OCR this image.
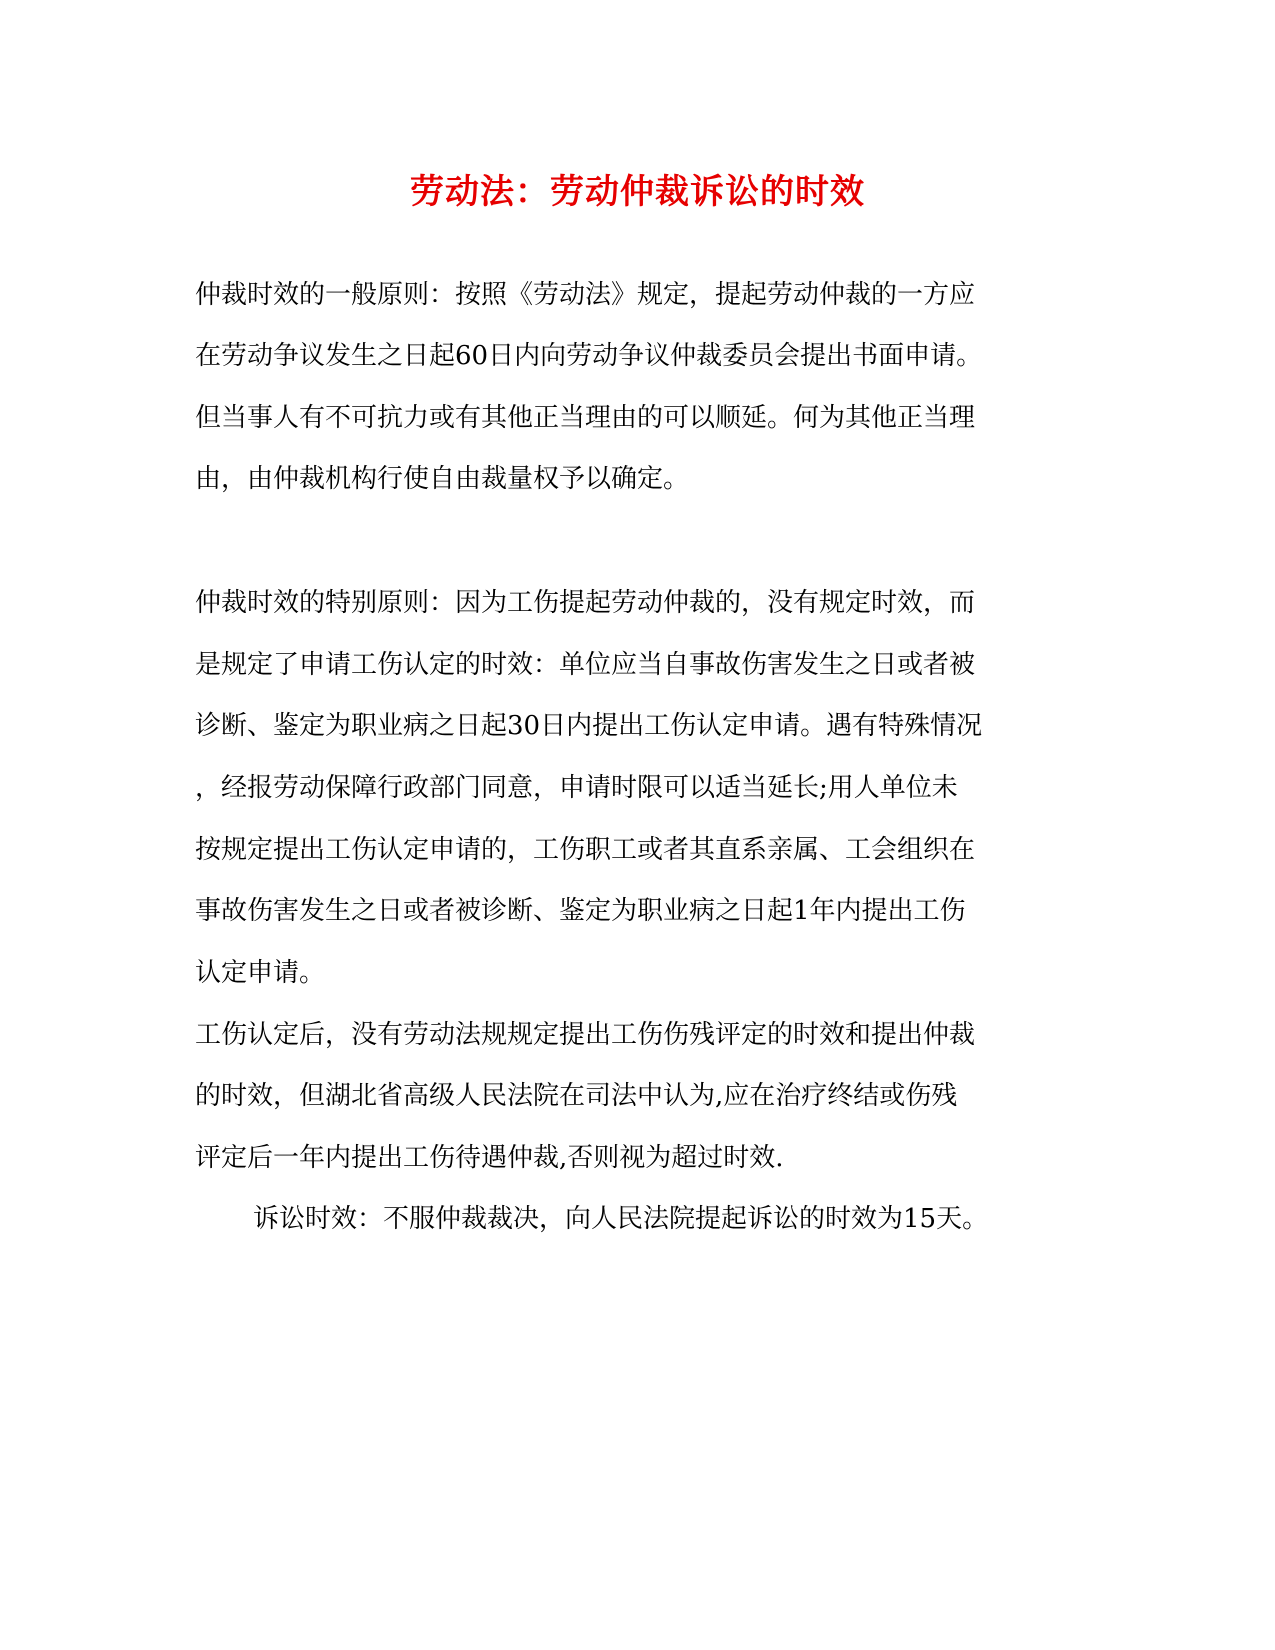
劳动法：劳动仲裁诉讼的时效
仲裁时效的一般原则：按照《劳动法》规定，提起劳动仲裁的一方应
在劳动争议发生之日起60日内向劳动争议仲裁委员会提出书面申请。
但当事人有不可抗力或有其他正当理由的可以顺延。何为其他正当理
由，由仲裁机构行使自由裁量权予以确定。
仲裁时效的特别原则：因为工伤提起劳动仲裁的，没有规定时效，而
是规定了申请工伤认定的时效：单位应当自事故伤害发生之日或者被
诊断、鉴定为职业病之日起30日内提出工伤认定申请。遇有特殊情况
，经报劳动保障行政部门同意，申请时限可以适当延长;用人单位未
按规定提出工伤认定申请的，工伤职工或者其直系亲属、工会组织在
事故伤害发生之日或者被诊断、鉴定为职业病之日起1年内提出工伤
认定申请。
工伤认定后，没有劳动法规规定提出工伤伤残评定的时效和提出仲裁
的时效，但湖北省高级人民法院在司法中认为,应在治疗终结或伤残
评定后一年内提出工伤待遇仲裁,否则视为超过时效.
诉讼时效：不服仲裁裁决，向人民法院提起诉讼的时效为15天。
